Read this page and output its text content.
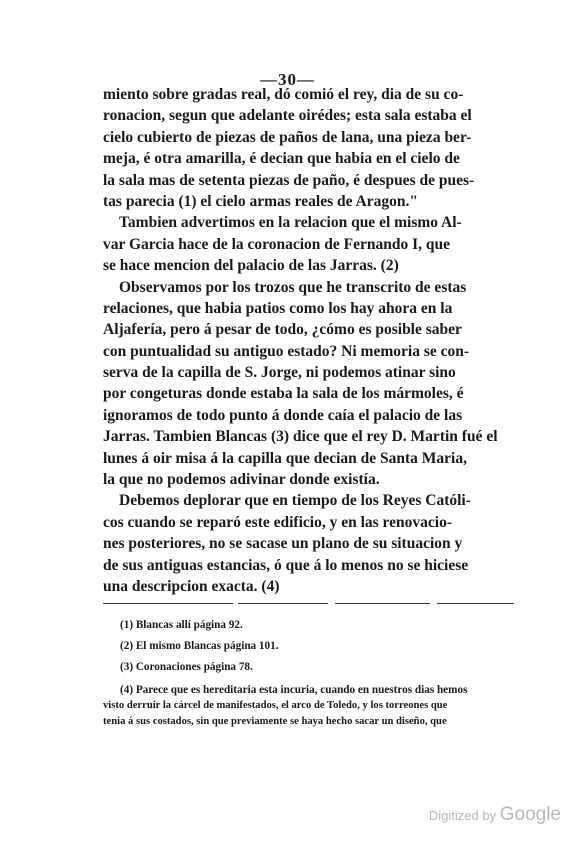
—30—
miento sobre gradas real, dó comió el rey, dia de su co-
ronacion, segun que adelante oirédes; esta sala estaba el
cielo cubierto de piezas de paños de lana, una pieza ber-
meja, é otra amarilla, é decian que habia en el cielo de
la sala mas de setenta piezas de paño, é despues de pues-
tas parecia (1) el cielo armas reales de Aragon."
Tambien advertimos en la relacion que el mismo Al-
var Garcia hace de la coronacion de Fernando I, que
se hace mencion del palacio de las Jarras. (2)
Observamos por los trozos que he transcrito de estas
relaciones, que habia patios como los hay ahora en la
Aljafería, pero á pesar de todo, ¿cómo es posible saber
con puntualidad su antiguo estado? Ni memoria se con-
serva de la capilla de S. Jorge, ni podemos atinar sino
por congeturas donde estaba la sala de los mármoles, é
ignoramos de todo punto á donde caía el palacio de las
Jarras. Tambien Blancas (3) dice que el rey D. Martin fué el
lunes á oir misa á la capilla que decian de Santa Maria,
la que no podemos adivinar donde existía.
Debemos deplorar que en tiempo de los Reyes Católi-
cos cuando se reparó este edificio, y en las renovacio-
nes posteriores, no se sacase un plano de su situacion y
de sus antiguas estancias, ó que á lo menos no se hiciese
una descripcion exacta. (4)
(1) Blancas allí página 92.
(2) El mismo Blancas página 101.
(3) Coronaciones página 78.
(4) Parece que es hereditaria esta incuria, cuando en nuestros dias hemos
visto derruir la cárcel de manifestados, el arco de Toledo, y los torreones que
tenia á sus costados, sin que previamente se haya hecho sacar un diseño, que
Digitized by Google
